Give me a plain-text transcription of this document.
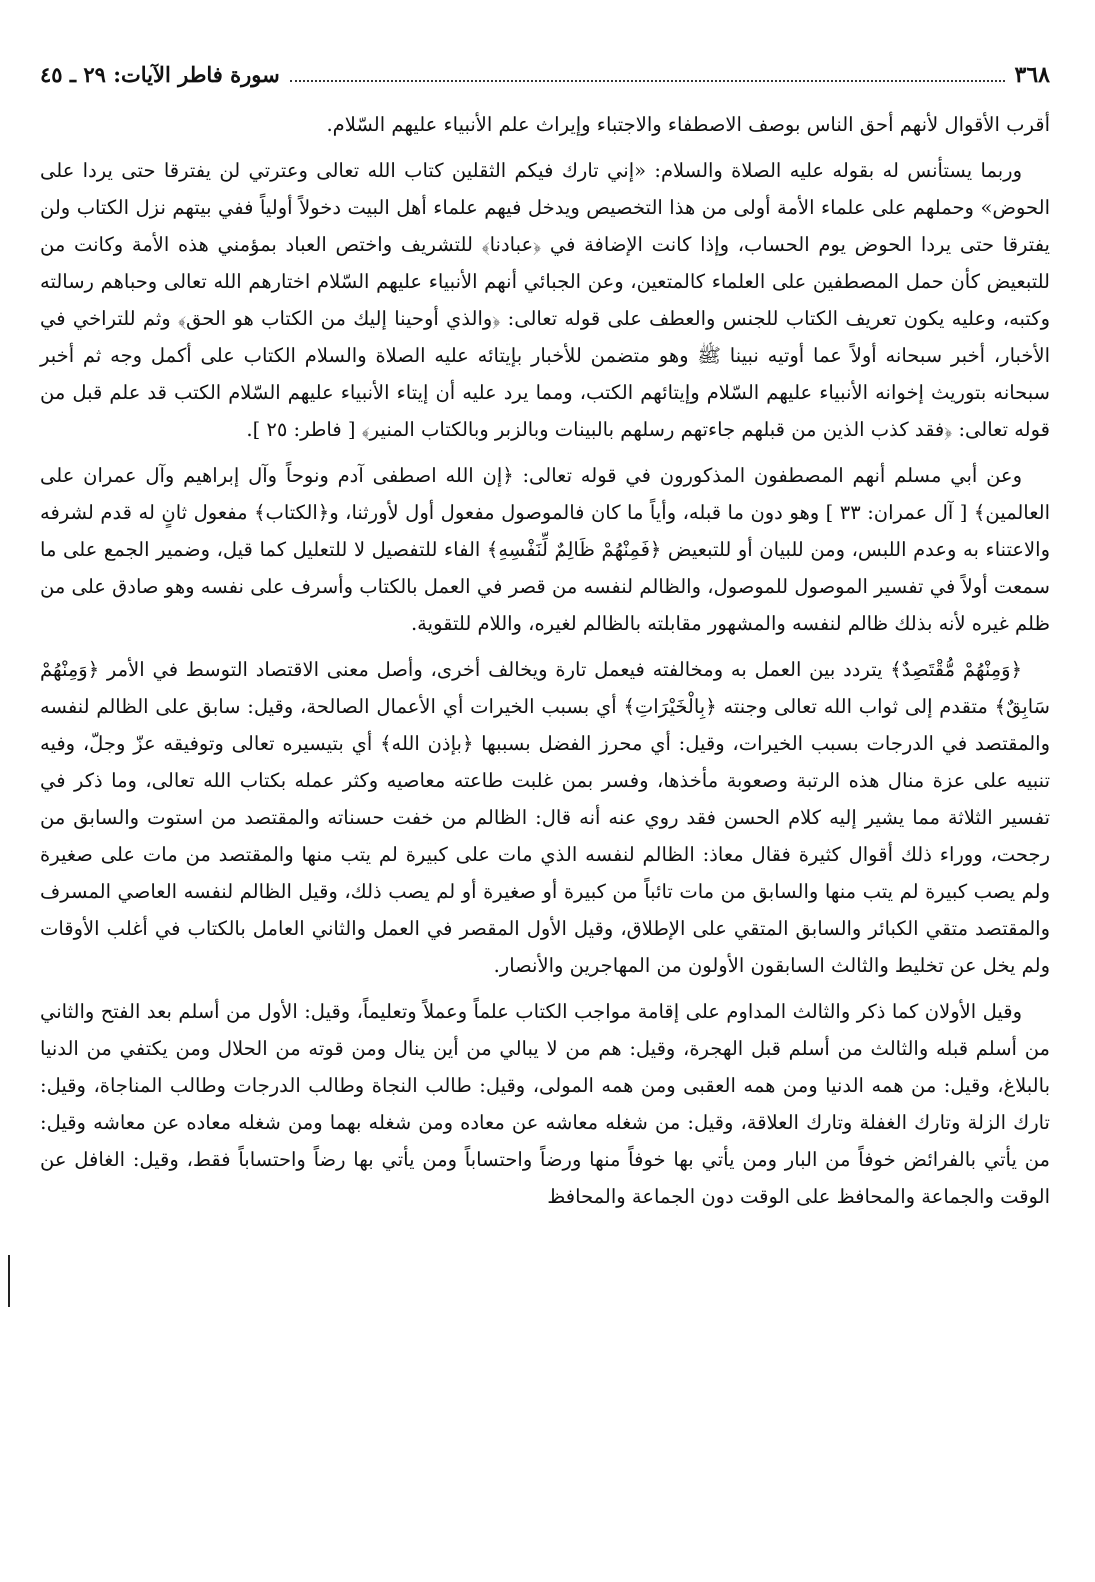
٣٦٨
سورة فاطر الآيات: ٢٩ ـ ٤٥

أقرب الأقوال لأنهم أحق الناس بوصف الاصطفاء والاجتباء وإيراث علم الأنبياء عليهم السّلام.

وربما يستأنس له بقوله عليه الصلاة والسلام: «إني تارك فيكم الثقلين كتاب الله تعالى وعترتي لن يفترقا حتى يردا على الحوض» وحملهم على علماء الأمة أولى من هذا التخصيص ويدخل فيهم علماء أهل البيت دخولاً أولياً ففي بيتهم نزل الكتاب ولن يفترقا حتى يردا الحوض يوم الحساب، وإذا كانت الإضافة في ﴿عبادنا﴾ للتشريف واختص العباد بمؤمني هذه الأمة وكانت من للتبعيض كأن حمل المصطفين على العلماء كالمتعين، وعن الجبائي أنهم الأنبياء عليهم السّلام اختارهم الله تعالى وحباهم رسالته وكتبه، وعليه يكون تعريف الكتاب للجنس والعطف على قوله تعالى: ﴿والذي أوحينا إليك من الكتاب هو الحق﴾ وثم للتراخي في الأخبار، أخبر سبحانه أولاً عما أوتيه نبينا ﷺ وهو متضمن للأخبار بإيتائه عليه الصلاة والسلام الكتاب على أكمل وجه ثم أخبر سبحانه بتوريث إخوانه الأنبياء عليهم السّلام وإيتائهم الكتب، ومما يرد عليه أن إيتاء الأنبياء عليهم السّلام الكتب قد علم قبل من قوله تعالى: ﴿فقد كذب الذين من قبلهم جاءتهم رسلهم بالبينات وبالزبر وبالكتاب المنير﴾ [ فاطر: ٢٥ ].

وعن أبي مسلم أنهم المصطفون المذكورون في قوله تعالى: ﴿إن الله اصطفى آدم ونوحاً وآل إبراهيم وآل عمران على العالمين﴾ [ آل عمران: ٣٣ ] وهو دون ما قبله، وأياً ما كان فالموصول مفعول أول لأورثنا، و﴿الكتاب﴾ مفعول ثانٍ له قدم لشرفه والاعتناء به وعدم اللبس، ومن للبيان أو للتبعيض ﴿فَمِنْهُمْ ظَالِمٌ لِّنَفْسِهِ﴾ الفاء للتفصيل لا للتعليل كما قيل، وضمير الجمع على ما سمعت أولاً في تفسير الموصول للموصول، والظالم لنفسه من قصر في العمل بالكتاب وأسرف على نفسه وهو صادق على من ظلم غيره لأنه بذلك ظالم لنفسه والمشهور مقابلته بالظالم لغيره، واللام للتقوية.

﴿وَمِنْهُمْ مُّقْتَصِدٌ﴾ يتردد بين العمل به ومخالفته فيعمل تارة ويخالف أخرى، وأصل معنى الاقتصاد التوسط في الأمر ﴿وَمِنْهُمْ سَابِقٌ﴾ متقدم إلى ثواب الله تعالى وجنته ﴿بِالْخَيْرَاتِ﴾ أي بسبب الخيرات أي الأعمال الصالحة، وقيل: سابق على الظالم لنفسه والمقتصد في الدرجات بسبب الخيرات، وقيل: أي محرز الفضل بسببها ﴿بإذن الله﴾ أي بتيسيره تعالى وتوفيقه عزّ وجلّ، وفيه تنبيه على عزة منال هذه الرتبة وصعوبة مأخذها، وفسر بمن غلبت طاعته معاصيه وكثر عمله بكتاب الله تعالى، وما ذكر في تفسير الثلاثة مما يشير إليه كلام الحسن فقد روي عنه أنه قال: الظالم من خفت حسناته والمقتصد من استوت والسابق من رجحت، ووراء ذلك أقوال كثيرة فقال معاذ: الظالم لنفسه الذي مات على كبيرة لم يتب منها والمقتصد من مات على صغيرة ولم يصب كبيرة لم يتب منها والسابق من مات تائباً من كبيرة أو صغيرة أو لم يصب ذلك، وقيل الظالم لنفسه العاصي المسرف والمقتصد متقي الكبائر والسابق المتقي على الإطلاق، وقيل الأول المقصر في العمل والثاني العامل بالكتاب في أغلب الأوقات ولم يخل عن تخليط والثالث السابقون الأولون من المهاجرين والأنصار.

وقيل الأولان كما ذكر والثالث المداوم على إقامة مواجب الكتاب علماً وعملاً وتعليماً، وقيل: الأول من أسلم بعد الفتح والثاني من أسلم قبله والثالث من أسلم قبل الهجرة، وقيل: هم من لا يبالي من أين ينال ومن قوته من الحلال ومن يكتفي من الدنيا بالبلاغ، وقيل: من همه الدنيا ومن همه العقبى ومن همه المولى، وقيل: طالب النجاة وطالب الدرجات وطالب المناجاة، وقيل: تارك الزلة وتارك الغفلة وتارك العلاقة، وقيل: من شغله معاشه عن معاده ومن شغله بهما ومن شغله معاده عن معاشه وقيل: من يأتي بالفرائض خوفاً من البار ومن يأتي بها خوفاً منها ورضاً واحتساباً ومن يأتي بها رضاً واحتساباً فقط، وقيل: الغافل عن الوقت والجماعة والمحافظ على الوقت دون الجماعة والمحافظ
